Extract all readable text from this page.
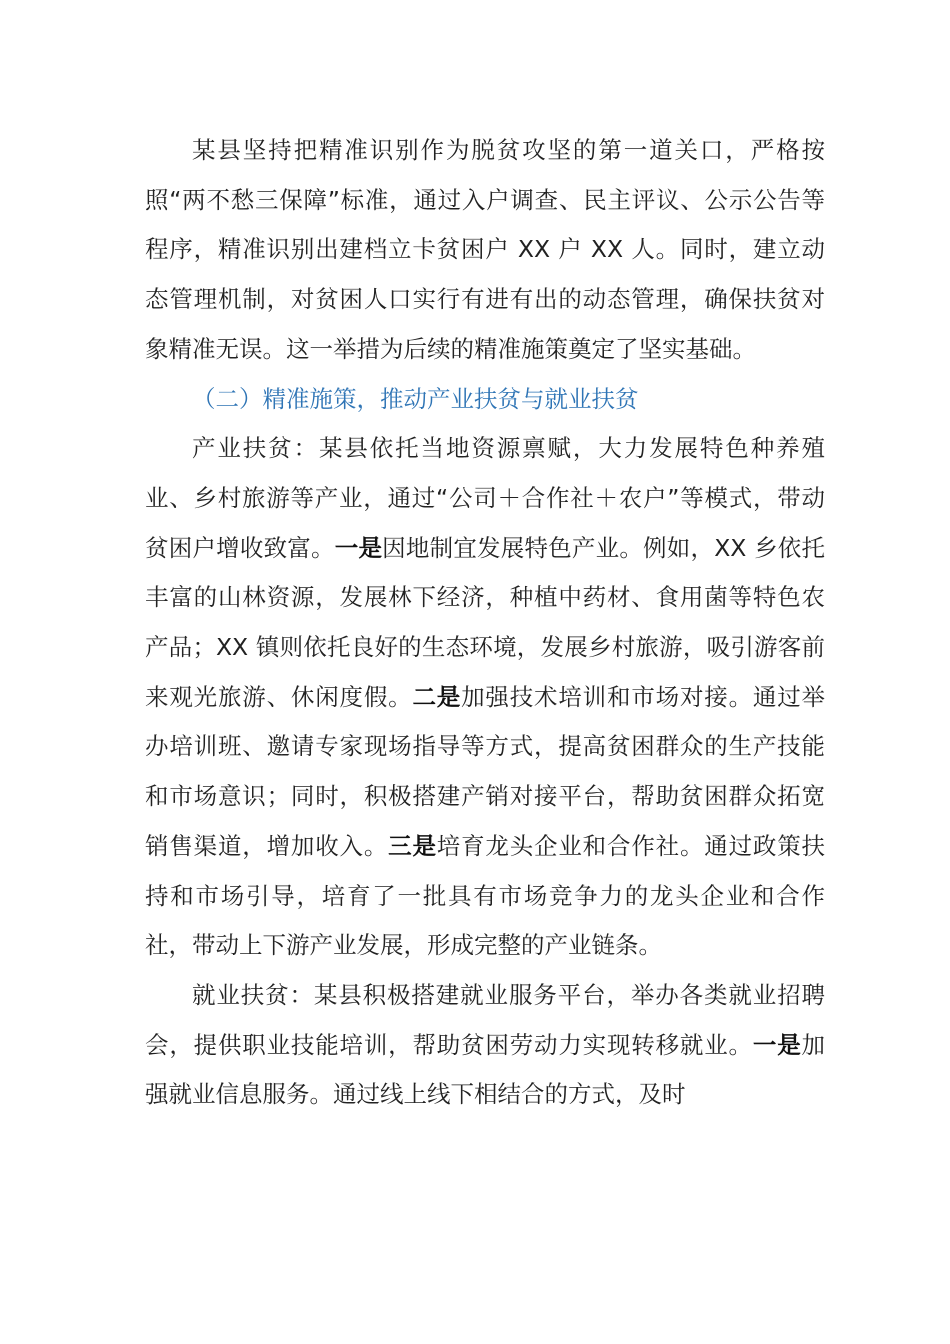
某县坚持把精准识别作为脱贫攻坚的第一道关口，严格按照“两不愁三保障”标准，通过入户调查、民主评议、公示公告等程序，精准识别出建档立卡贫困户 XX 户 XX 人。同时，建立动态管理机制，对贫困人口实行有进有出的动态管理，确保扶贫对象精准无误。这一举措为后续的精准施策奠定了坚实基础。

（二）精准施策，推动产业扶贫与就业扶贫

产业扶贫：某县依托当地资源禀赋，大力发展特色种养殖业、乡村旅游等产业，通过“公司＋合作社＋农户”等模式，带动贫困户增收致富。一是因地制宜发展特色产业。例如，XX 乡依托丰富的山林资源，发展林下经济，种植中药材、食用菌等特色农产品；XX 镇则依托良好的生态环境，发展乡村旅游，吸引游客前来观光旅游、休闲度假。二是加强技术培训和市场对接。通过举办培训班、邀请专家现场指导等方式，提高贫困群众的生产技能和市场意识；同时，积极搭建产销对接平台，帮助贫困群众拓宽销售渠道，增加收入。三是培育龙头企业和合作社。通过政策扶持和市场引导，培育了一批具有市场竞争力的龙头企业和合作社，带动上下游产业发展，形成完整的产业链条。

就业扶贫：某县积极搭建就业服务平台，举办各类就业招聘会，提供职业技能培训，帮助贫困劳动力实现转移就业。一是加强就业信息服务。通过线上线下相结合的方式，及时
